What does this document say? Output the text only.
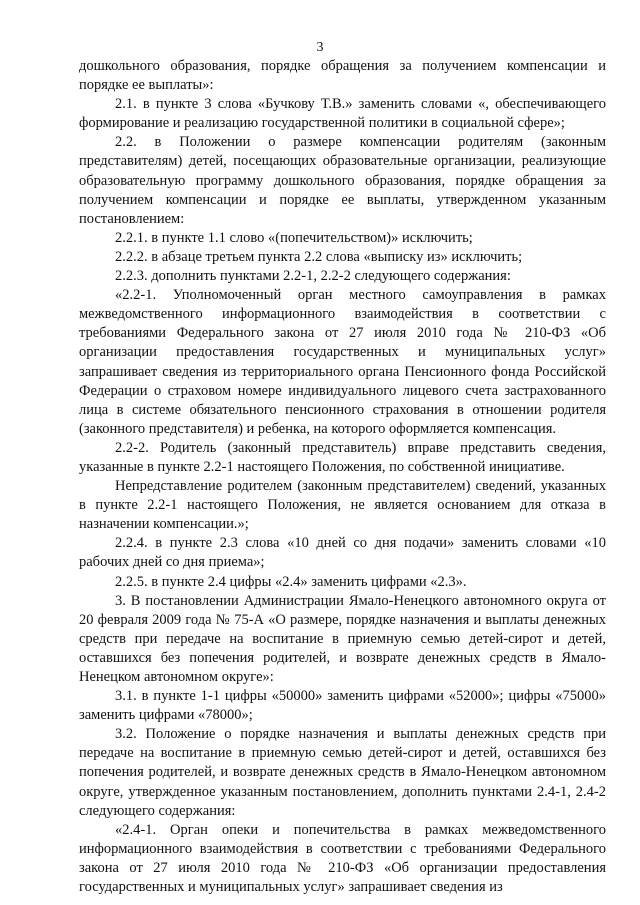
3

дошкольного образования, порядке обращения за получением компенсации и порядке ее выплаты»:

2.1. в пункте 3 слова «Бучкову Т.В.» заменить словами «, обеспечивающего формирование и реализацию государственной политики в социальной сфере»;

2.2. в Положении о размере компенсации родителям (законным представителям) детей, посещающих образовательные организации, реализующие образовательную программу дошкольного образования, порядке обращения за получением компенсации и порядке ее выплаты, утвержденном указанным постановлением:

2.2.1. в пункте 1.1 слово «(попечительством)» исключить;

2.2.2. в абзаце третьем пункта 2.2 слова «выписку из» исключить;

2.2.3. дополнить пунктами 2.2-1, 2.2-2 следующего содержания:

«2.2-1. Уполномоченный орган местного самоуправления в рамках межведомственного информационного взаимодействия в соответствии с требованиями Федерального закона от 27 июля 2010 года № 210-ФЗ «Об организации предоставления государственных и муниципальных услуг» запрашивает сведения из территориального органа Пенсионного фонда Российской Федерации о страховом номере индивидуального лицевого счета застрахованного лица в системе обязательного пенсионного страхования в отношении родителя (законного представителя) и ребенка, на которого оформляется компенсация.

2.2-2. Родитель (законный представитель) вправе представить сведения, указанные в пункте 2.2-1 настоящего Положения, по собственной инициативе.

Непредставление родителем (законным представителем) сведений, указанных в пункте 2.2-1 настоящего Положения, не является основанием для отказа в назначении компенсации.»;

2.2.4. в пункте 2.3 слова «10 дней со дня подачи» заменить словами «10 рабочих дней со дня приема»;

2.2.5. в пункте 2.4 цифры «2.4» заменить цифрами «2.3».

3. В постановлении Администрации Ямало-Ненецкого автономного округа от 20 февраля 2009 года № 75-А «О размере, порядке назначения и выплаты денежных средств при передаче на воспитание в приемную семью детей-сирот и детей, оставшихся без попечения родителей, и возврате денежных средств в Ямало-Ненецком автономном округе»:

3.1. в пункте 1-1 цифры «50000» заменить цифрами «52000»; цифры «75000» заменить цифрами «78000»;

3.2. Положение о порядке назначения и выплаты денежных средств при передаче на воспитание в приемную семью детей-сирот и детей, оставшихся без попечения родителей, и возврате денежных средств в Ямало-Ненецком автономном округе, утвержденное указанным постановлением, дополнить пунктами 2.4-1, 2.4-2 следующего содержания:

«2.4-1. Орган опеки и попечительства в рамках межведомственного информационного взаимодействия в соответствии с требованиями Федерального закона от 27 июля 2010 года № 210-ФЗ «Об организации предоставления государственных и муниципальных услуг» запрашивает сведения из
